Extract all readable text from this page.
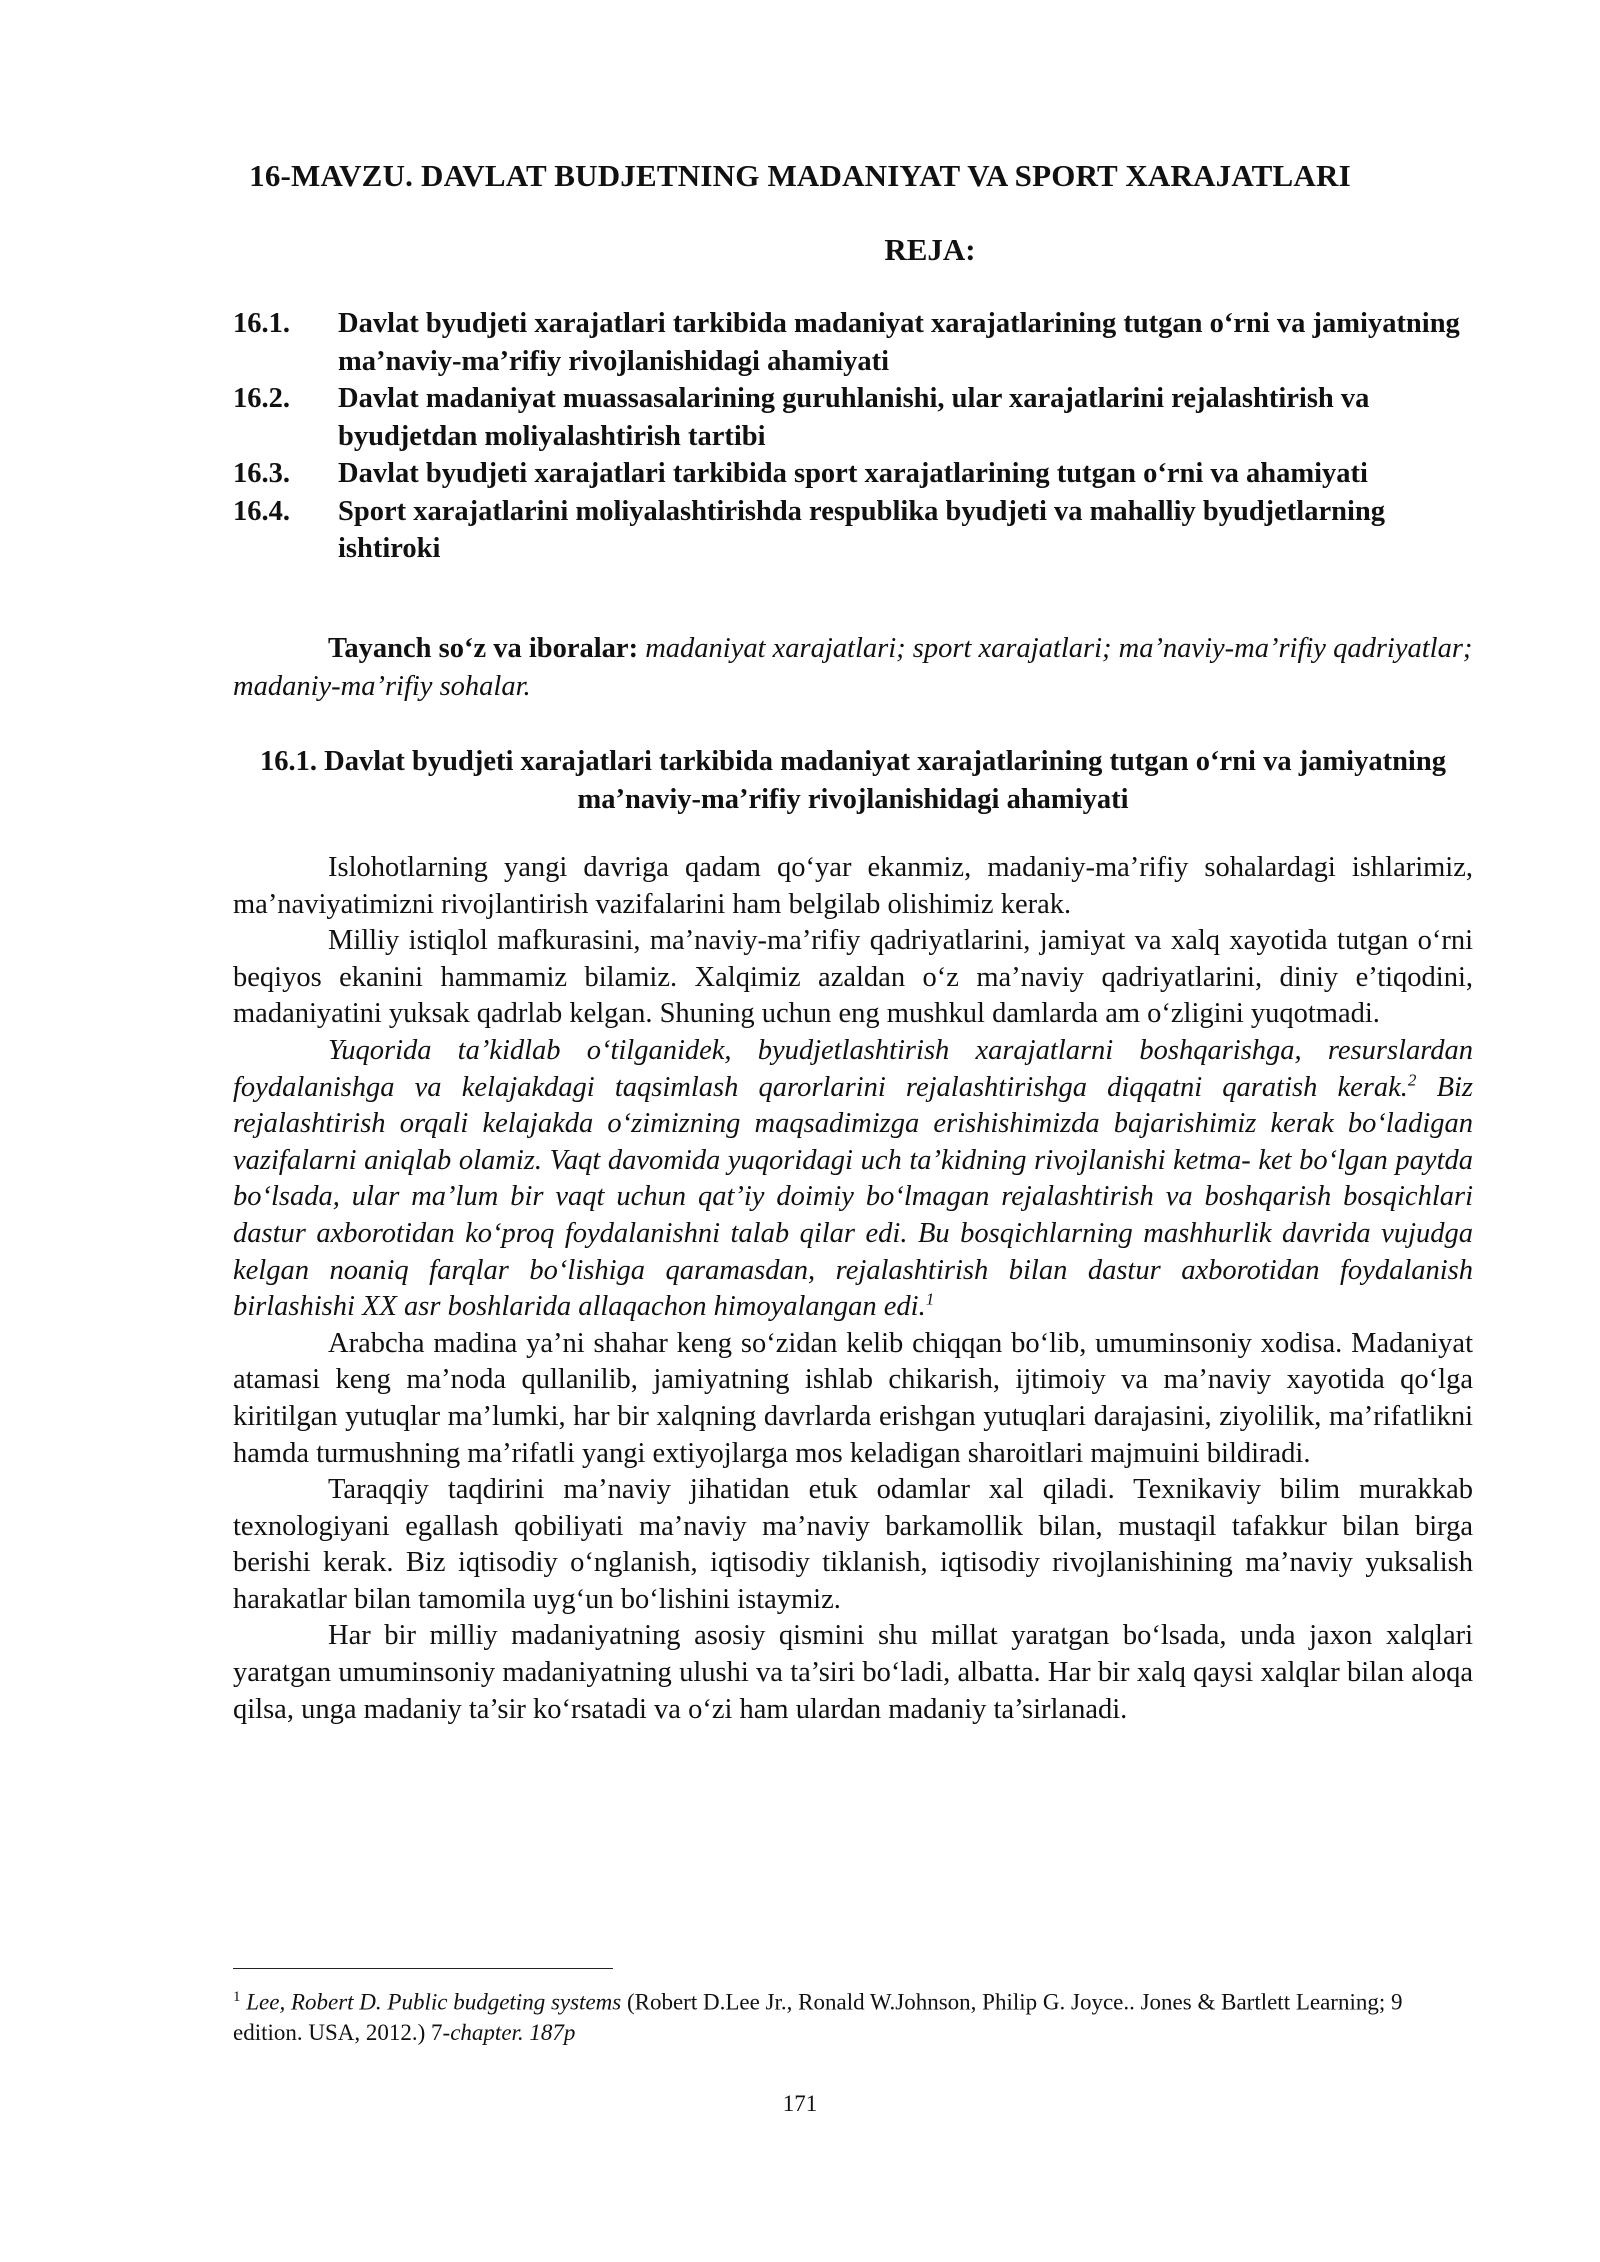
16-MAVZU. DAVLAT BUDJETNING MADANIYAT VA SPORT XARAJATLARI
REJA:
16.1.	Davlat byudjeti xarajatlari tarkibida madaniyat xarajatlarining tutgan o‘rni va jamiyatning ma’naviy-ma’rifiy rivojlanishidagi ahamiyati
16.2.	Davlat madaniyat muassasalarining guruhlanishi, ular xarajatlarini rejalashtirish va byudjetdan moliyalashtirish tartibi
16.3.	Davlat byudjeti xarajatlari tarkibida sport xarajatlarining tutgan o‘rni va ahamiyati
16.4.	Sport xarajatlarini moliyalashtirishda respublika byudjeti va mahalliy byudjetlarning ishtiroki
Tayanch so‘z va iboralar: madaniyat xarajatlari; sport xarajatlari; ma’naviy-ma’rifiy qadriyatlar; madaniy-ma’rifiy sohalar.
16.1. Davlat byudjeti xarajatlari tarkibida madaniyat xarajatlarining tutgan o‘rni va jamiyatning ma’naviy-ma’rifiy rivojlanishidagi ahamiyati

Islohotlarning yangi davriga qadam qo‘yar ekanmiz, madaniy-ma’rifiy sohalardagi ishlarimiz, ma’naviyatimizni rivojlantirish vazifalarini ham belgilab olishimiz kerak.

Milliy istiqlol mafkurasini, ma’naviy-ma’rifiy qadriyatlarini, jamiyat va xalq xayotida tutgan o‘rni beqiyos ekanini hammamiz bilamiz. Xalqimiz azaldan o‘z ma’naviy qadriyatlarini, diniy e’tiqodini, madaniyatini yuksak qadrlab kelgan. Shuning uchun eng mushkul damlarda am o‘zligini yuqotmadi.

Yuqorida ta’kidlab o‘tilganidek, byudjetlashtirish xarajatlarni boshqarishga, resurslardan foydalanishga va kelajakdagi taqsimlash qarorlarini rejalashtirishga diqqatni qaratish kerak.$^2$ Biz rejalashtirish orqali kelajakda o‘zimizning maqsadimizga erishishimizda bajarishimiz kerak bo‘ladigan vazifalarni aniqlab olamiz. Vaqt davomida yuqoridagi uch ta’kidning rivojlanishi ketma- ket bo‘lgan paytda bo‘lsada, ular ma’lum bir vaqt uchun qat’iy doimiy bo‘lmagan rejalashtirish va boshqarish bosqichlari dastur axborotidan ko‘proq foydalanishni talab qilar edi. Bu bosqichlarning mashhurlik davrida vujudga kelgan noaniq farqlar bo‘lishiga qaramasdan, rejalashtirish bilan dastur axborotidan foydalanish birlashishi XX asr boshlarida allaqachon himoyalangan edi.$^1$

Arabcha madina ya’ni shahar keng so‘zidan kelib chiqqan bo‘lib, umuminsoniy xodisa. Madaniyat atamasi keng ma’noda qullanilib, jamiyatning ishlab chikarish, ijtimoiy va ma’naviy xayotida qo‘lga kiritilgan yutuqlar ma’lumki, har bir xalqning davrlarda erishgan yutuqlari darajasini, ziyolilik, ma’rifatlikni hamda turmushning ma’rifatli yangi extiyojlarga mos keladigan sharoitlari majmuini bildiradi.

Taraqqiy taqdirini ma’naviy jihatidan etuk odamlar xal qiladi. Texnikaviy bilim murakkab texnologiyani egallash qobiliyati ma’naviy ma’naviy barkamollik bilan, mustaqil tafakkur bilan birga berishi kerak. Biz iqtisodiy o‘nglanish, iqtisodiy tiklanish, iqtisodiy rivojlanishining ma’naviy yuksalish harakatlar bilan tamomila uyg‘un bo‘lishini istaymiz.

Har bir milliy madaniyatning asosiy qismini shu millat yaratgan bo‘lsada, unda jaxon xalqlari yaratgan umuminsoniy madaniyatning ulushi va ta’siri bo‘ladi, albatta. Har bir xalq qaysi xalqlar bilan aloqa qilsa, unga madaniy ta’sir ko‘rsatadi va o‘zi ham ulardan madaniy ta’sirlanadi.

$^1$ Lee, Robert D. Public budgeting systems (Robert D.Lee Jr., Ronald W.Johnson, Philip G. Joyce.. Jones & Bartlett Learning; 9 edition. USA, 2012.) 7-chapter. 187p
171
